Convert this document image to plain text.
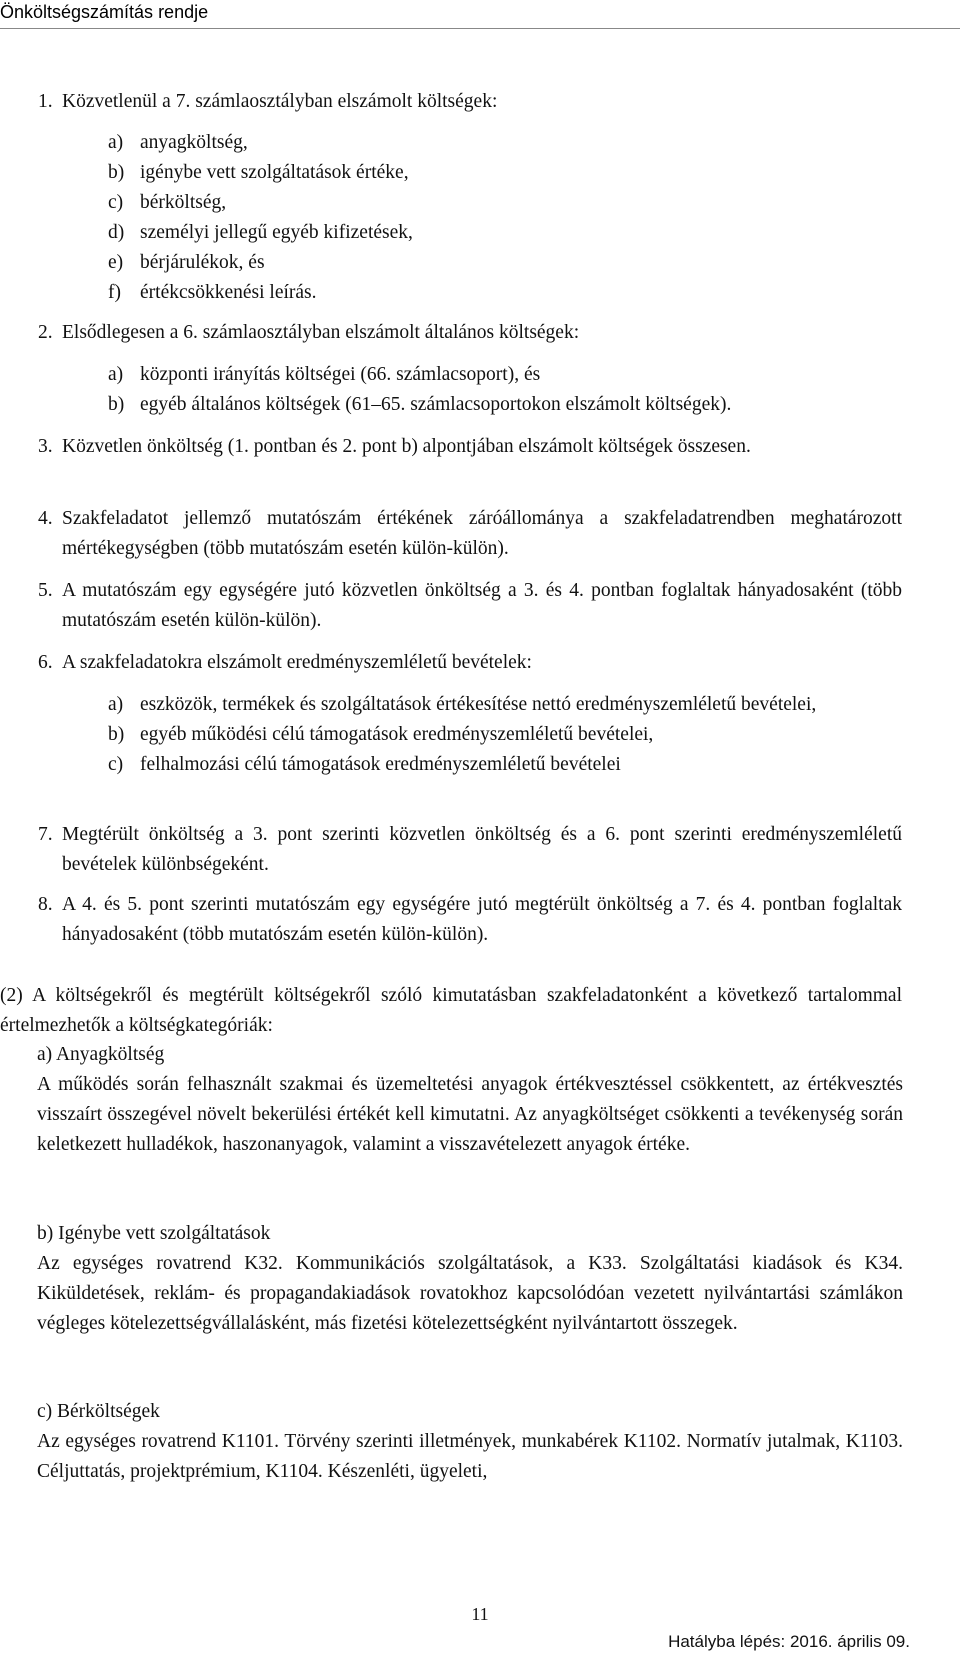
Önköltségszámítás rendje
1. Közvetlenül a 7. számlaosztályban elszámolt költségek:
a) anyagköltség,
b) igénybe vett szolgáltatások értéke,
c) bérköltség,
d) személyi jellegű egyéb kifizetések,
e) bérjárulékok, és
f) értékcsökkenési leírás.
2. Elsődlegesen a 6. számlaosztályban elszámolt általános költségek:
a) központi irányítás költségei (66. számlacsoport), és
b) egyéb általános költségek (61–65. számlacsoportokon elszámolt költségek).
3. Közvetlen önköltség (1. pontban és 2. pont b) alpontjában elszámolt költségek összesen.
4. Szakfeladatot jellemző mutatószám értékének záróállománya a szakfeladatrendben meghatározott mértékegységben (több mutatószám esetén külön-külön).
5. A mutatószám egy egységére jutó közvetlen önköltség a 3. és 4. pontban foglaltak hányadosaként (több mutatószám esetén külön-külön).
6. A szakfeladatokra elszámolt eredményszemléletű bevételek:
a) eszközök, termékek és szolgáltatások értékesítése nettó eredményszemléletű bevételei,
b) egyéb működési célú támogatások eredményszemléletű bevételei,
c) felhalmozási célú támogatások eredményszemléletű bevételei
7. Megtérült önköltség a 3. pont szerinti közvetlen önköltség és a 6. pont szerinti eredményszemléletű bevételek különbségeként.
8. A 4. és 5. pont szerinti mutatószám egy egységére jutó megtérült önköltség a 7. és 4. pontban foglaltak hányadosaként (több mutatószám esetén külön-külön).
(2) A költségekről és megtérült költségekről szóló kimutatásban szakfeladatonként a következő tartalommal értelmezhetők a költségkategóriák:
a) Anyagköltség
A működés során felhasznált szakmai és üzemeltetési anyagok értékvesztéssel csökkentett, az értékvesztés visszaírt összegével növelt bekerülési értékét kell kimutatni. Az anyagköltséget csökkenti a tevékenység során keletkezett hulladékok, haszonanyagok, valamint a visszavételezett anyagok értéke.
b) Igénybe vett szolgáltatások
Az egységes rovatrend K32. Kommunikációs szolgáltatások, a K33. Szolgáltatási kiadások és K34. Kiküldetések, reklám- és propagandakiadások rovatokhoz kapcsolódóan vezetett nyilvántartási számlákon végleges kötelezettségvállalásként, más fizetési kötelezettségként nyilvántartott összegek.
c) Bérköltségek
Az egységes rovatrend K1101. Törvény szerinti illetmények, munkabérek K1102. Normatív jutalmak, K1103. Céljuttatás, projektprémium, K1104. Készenléti, ügyeleti,
11
Hatályba lépés: 2016. április 09.
